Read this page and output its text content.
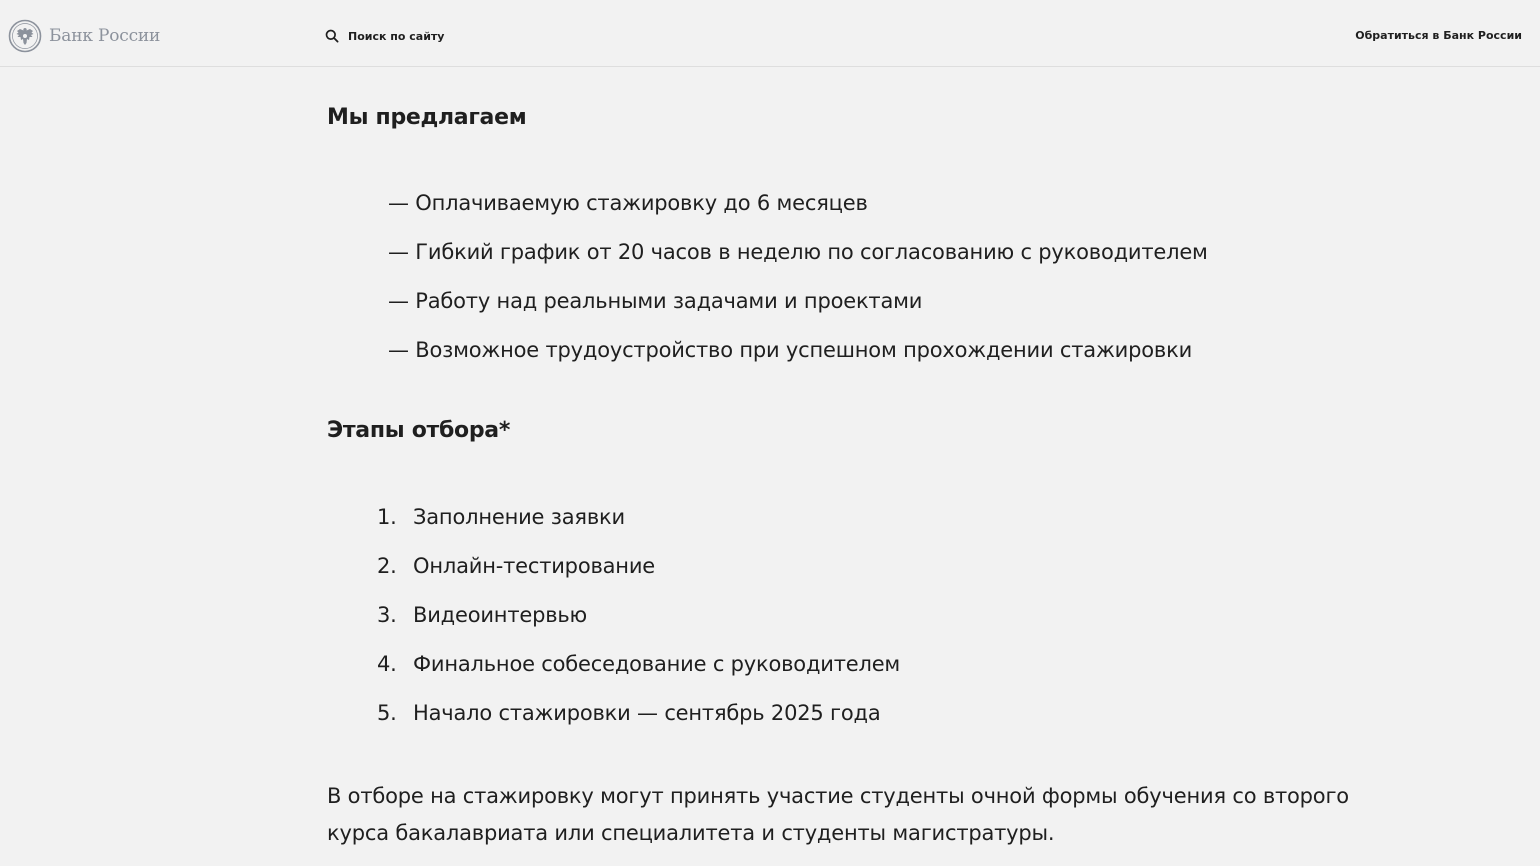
Банк России	Поиск по сайту	Обратиться в Банк России
Мы предлагаем
— Оплачиваемую стажировку до 6 месяцев
— Гибкий график от 20 часов в неделю по согласованию с руководителем
— Работу над реальными задачами и проектами
— Возможное трудоустройство при успешном прохождении стажировки
Этапы отбора*
1. Заполнение заявки
2. Онлайн-тестирование
3. Видеоинтервью
4. Финальное собеседование с руководителем
5. Начало стажировки — сентябрь 2025 года

В отборе на стажировку могут принять участие студенты очной формы обучения со второго курса бакалавриата или специалитета и студенты магистратуры.
